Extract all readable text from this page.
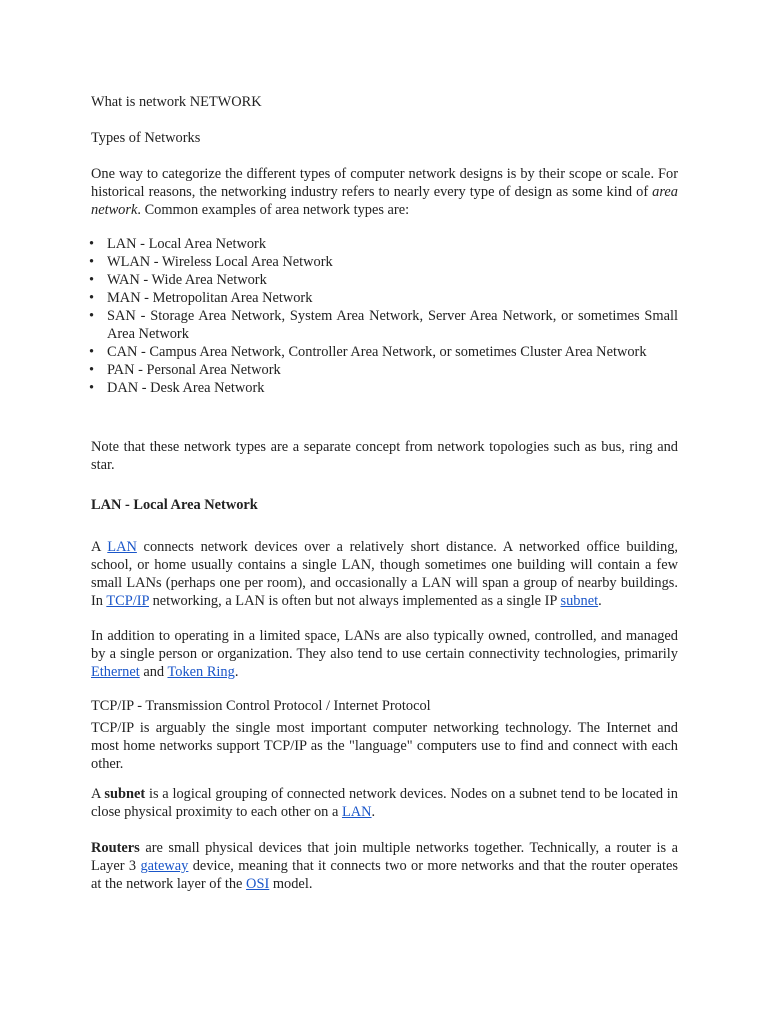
What is network NETWORK

Types of Networks

One way to categorize the different types of computer network designs is by their scope or scale. For historical reasons, the networking industry refers to nearly every type of design as some kind of area network. Common examples of area network types are:

• LAN - Local Area Network
• WLAN - Wireless Local Area Network
• WAN - Wide Area Network
• MAN - Metropolitan Area Network
• SAN - Storage Area Network, System Area Network, Server Area Network, or sometimes Small Area Network
• CAN - Campus Area Network, Controller Area Network, or sometimes Cluster Area Network
• PAN - Personal Area Network
• DAN - Desk Area Network

Note that these network types are a separate concept from network topologies such as bus, ring and star.

LAN - Local Area Network

A LAN connects network devices over a relatively short distance. A networked office building, school, or home usually contains a single LAN, though sometimes one building will contain a few small LANs (perhaps one per room), and occasionally a LAN will span a group of nearby buildings. In TCP/IP networking, a LAN is often but not always implemented as a single IP subnet.

In addition to operating in a limited space, LANs are also typically owned, controlled, and managed by a single person or organization. They also tend to use certain connectivity technologies, primarily Ethernet and Token Ring.

TCP/IP - Transmission Control Protocol / Internet Protocol

TCP/IP is arguably the single most important computer networking technology. The Internet and most home networks support TCP/IP as the "language" computers use to find and connect with each other.

A subnet is a logical grouping of connected network devices. Nodes on a subnet tend to be located in close physical proximity to each other on a LAN.

Routers are small physical devices that join multiple networks together. Technically, a router is a Layer 3 gateway device, meaning that it connects two or more networks and that the router operates at the network layer of the OSI model.
